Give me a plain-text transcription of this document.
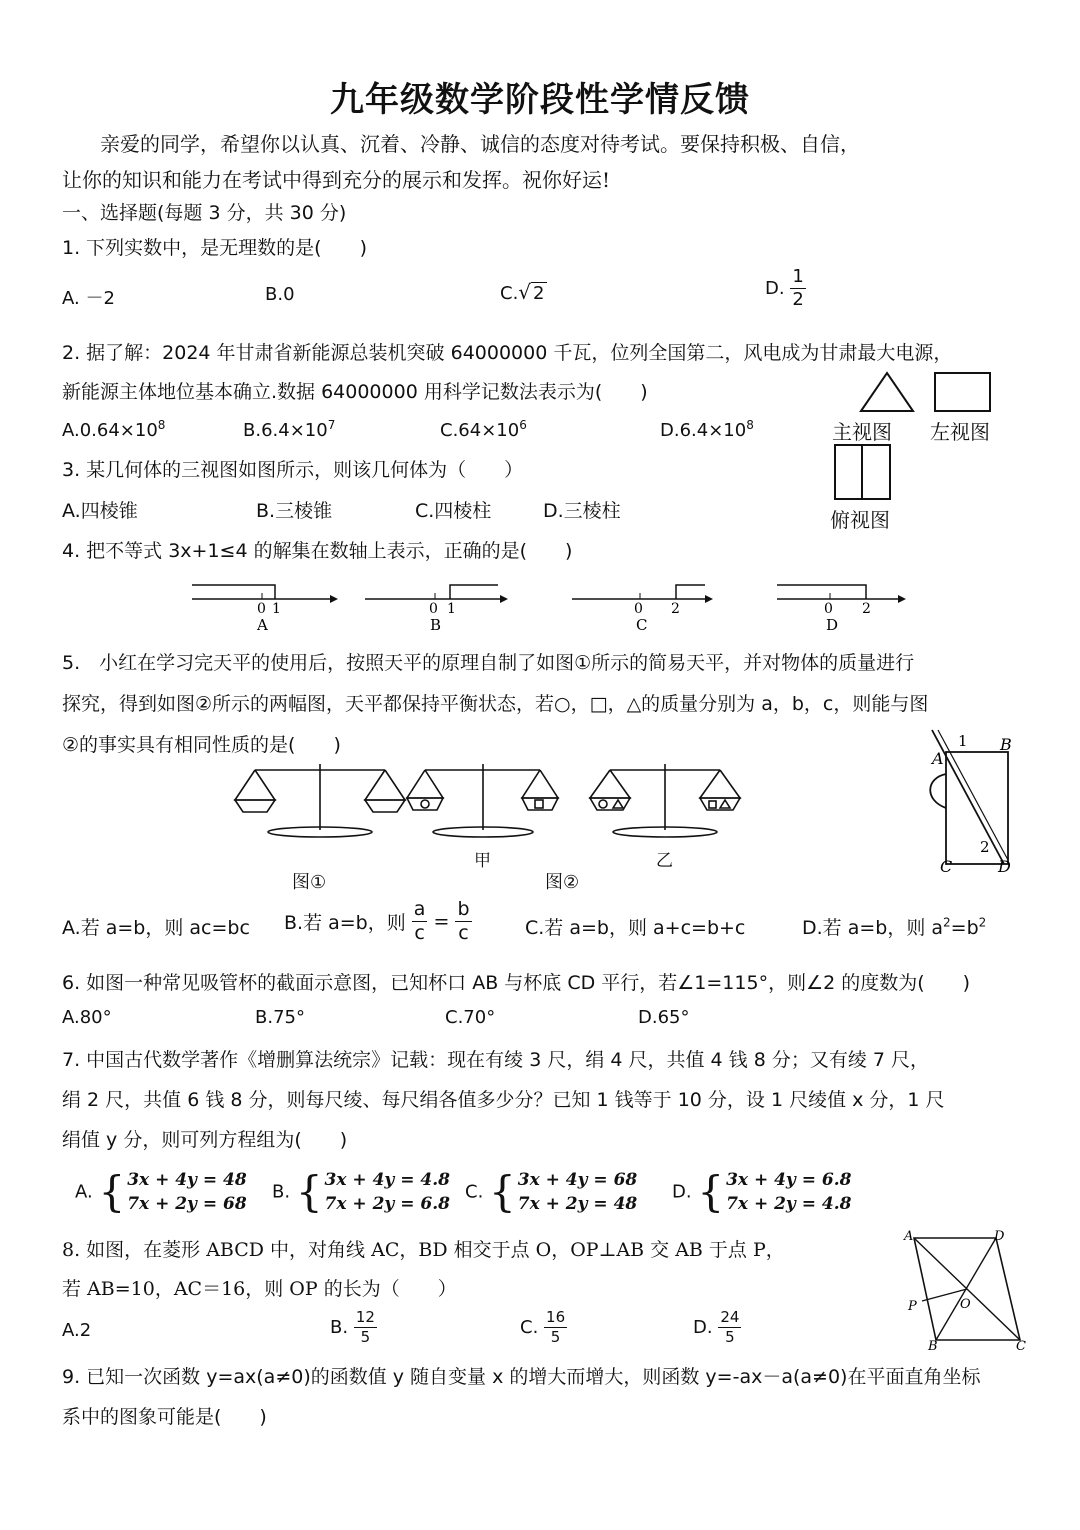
九年级数学阶段性学情反馈
亲爱的同学，希望你以认真、沉着、冷静、诚信的态度对待考试。要保持积极、自信，
让你的知识和能力在考试中得到充分的展示和发挥。祝你好运!
一、选择题(每题 3 分，共 30 分)
1. 下列实数中，是无理数的是(　　)
A. －2	B.0	C.√ 2	D. $\frac{1}{2}$
2. 据了解：2024 年甘肃省新能源总装机突破 64000000 千瓦，位列全国第二，风电成为甘肃最大电源，
新能源主体地位基本确立.数据 64000000 用科学记数法表示为(　　)
$A.0.64\times 10^8$	$B.6.4\times 10^7$	$C.64\times 10^6$	$D.6.4\times 10^8$	主视图 左视图
俯视图
3. 某几何体的三视图如图所示，则该几何体为（　　）
A.四棱锥	B.三棱锥	C.四棱柱	D.三棱柱
4. 把不等式 3x+1≤4 的解集在数轴上表示，正确的是(　　)
0 1
A
0 1
B
0 2
C
0 2
D
5.　小红在学习完天平的使用后，按照天平的原理自制了如图①所示的简易天平，并对物体的质量进行
探究，得到如图②所示的两幅图，天平都保持平衡状态，若○，□，△的质量分别为 a，b，c，则能与图
②的事实具有相同性质的是(　　)
甲	乙
图①	图②
A
B
C	D
1
2
A.若 a=b，则 ac=bc B.若 a=b，则 $\frac{a}{c} = \frac{b}{c}$	C.若 a=b，则 a+c=b+c	D.若 a=b，则 $a^2=b^2$
6. 如图一种常见吸管杯的截面示意图，已知杯口 AB 与杯底 CD 平行，若∠1=115°，则∠2 的度数为(　　)
A.80°	B.75°	C.70°	D.65°
7. 中国古代数学著作《增删算法统宗》记载：现在有绫 3 尺，绢 4 尺，共值 4 钱 8 分；又有绫 7 尺，
绢 2 尺，共值 6 钱 8 分，则每尺绫、每尺绢各值多少分？已知 1 钱等于 10 分，设 1 尺绫值 x 分，1 尺
绢值 y 分，则可列方程组为(　　)
A. { 3x + 4y = 48
7x + 2y = 68
B. { 3x + 4y = 4.8
7x + 2y = 6.8
C. { 3x + 4y = 68
7x + 2y = 48
D. { 3x + 4y = 6.8
7x + 2y = 4.8
8. 如图，在菱形 ABCD 中，对角线 AC，BD 相交于点 O，OP⊥AB 交 AB 于点 P，
若 AB=10，AC＝16，则 OP 的长为（　　）
A	D
P	O
B	C
A.2	B. $\frac{12}{5}$	C. $\frac{16}{5}$	D. $\frac{24}{5}$
9. 已知一次函数 y=ax(a≠0)的函数值 y 随自变量 x 的增大而增大，则函数 y=-ax－a(a≠0)在平面直角坐标
系中的图象可能是(　　)
